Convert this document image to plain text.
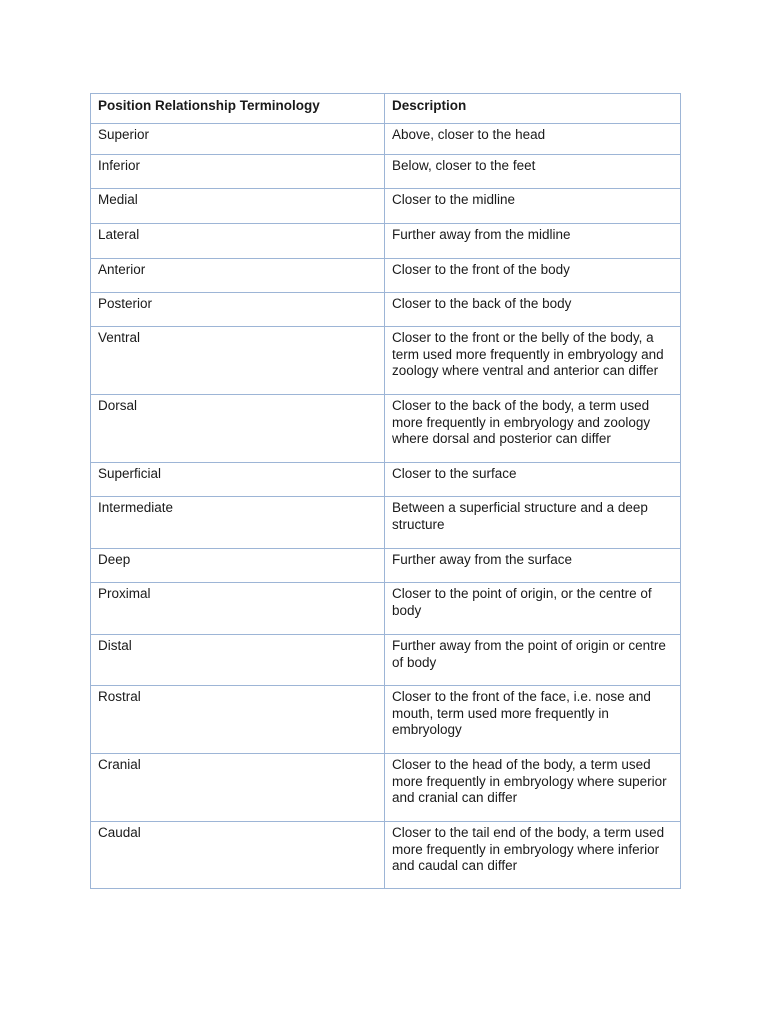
Position Relationship Terminology	Description
Superior	Above, closer to the head
Inferior	Below, closer to the feet
Medial	Closer to the midline
Lateral	Further away from the midline
Anterior	Closer to the front of the body
Posterior	Closer to the back of the body
Ventral	Closer to the front or the belly of the body, a term used more frequently in embryology and zoology where ventral and anterior can differ
Dorsal	Closer to the back of the body, a term used more frequently in embryology and zoology where dorsal and posterior can differ
Superficial	Closer to the surface
Intermediate	Between a superficial structure and a deep structure
Deep	Further away from the surface
Proximal	Closer to the point of origin, or the centre of body
Distal	Further away from the point of origin or centre of body
Rostral	Closer to the front of the face, i.e. nose and mouth, term used more frequently in embryology
Cranial	Closer to the head of the body, a term used more frequently in embryology where superior and cranial can differ
Caudal	Closer to the tail end of the body, a term used more frequently in embryology where inferior and caudal can differ
